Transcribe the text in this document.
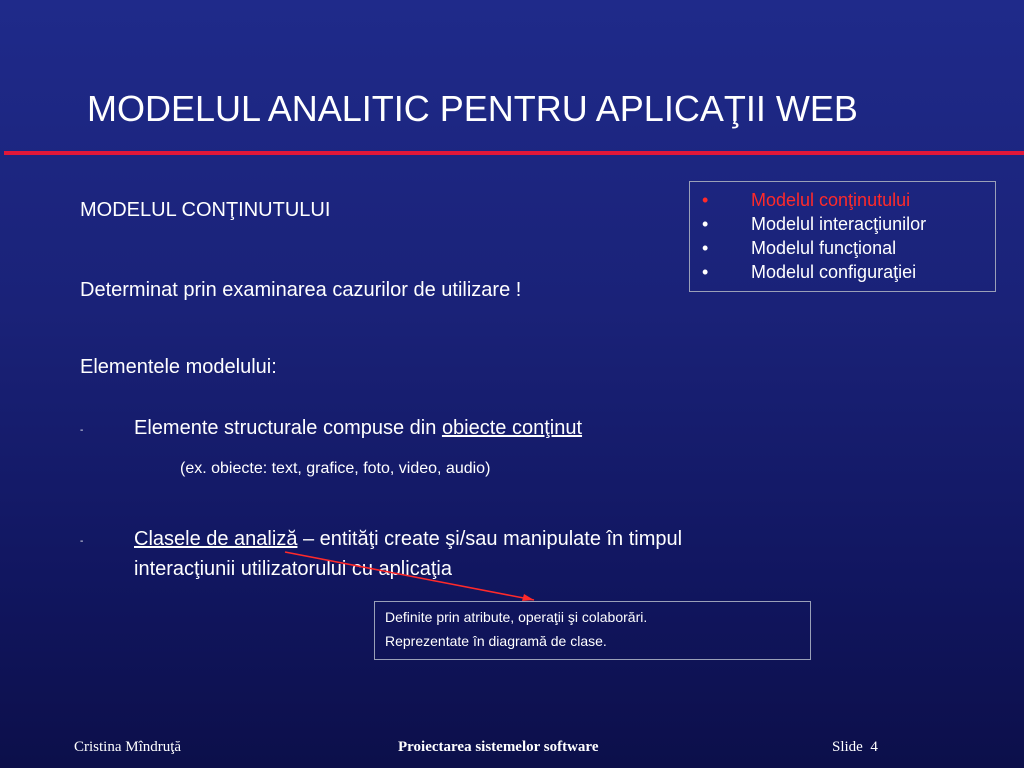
MODELUL ANALITIC PENTRU APLICAŢII WEB
MODELUL CONŢINUTULUI
Determinat prin examinarea cazurilor de utilizare !
Elementele modelului:
-	Elemente structurale compuse din obiecte conţinut
(ex. obiecte: text, grafice, foto, video, audio)
-	Clasele de analiză – entităţi create şi/sau manipulate în timpul
interacţiunii utilizatorului cu aplicaţia
• Modelul conţinutului
• Modelul interacţiunilor
• Modelul funcţional
• Modelul configuraţiei
Definite prin atribute, operaţii şi colaborări.
Reprezentate în diagramă de clase.
Cristina Mîndruţă	Proiectarea sistemelor software	Slide 4
